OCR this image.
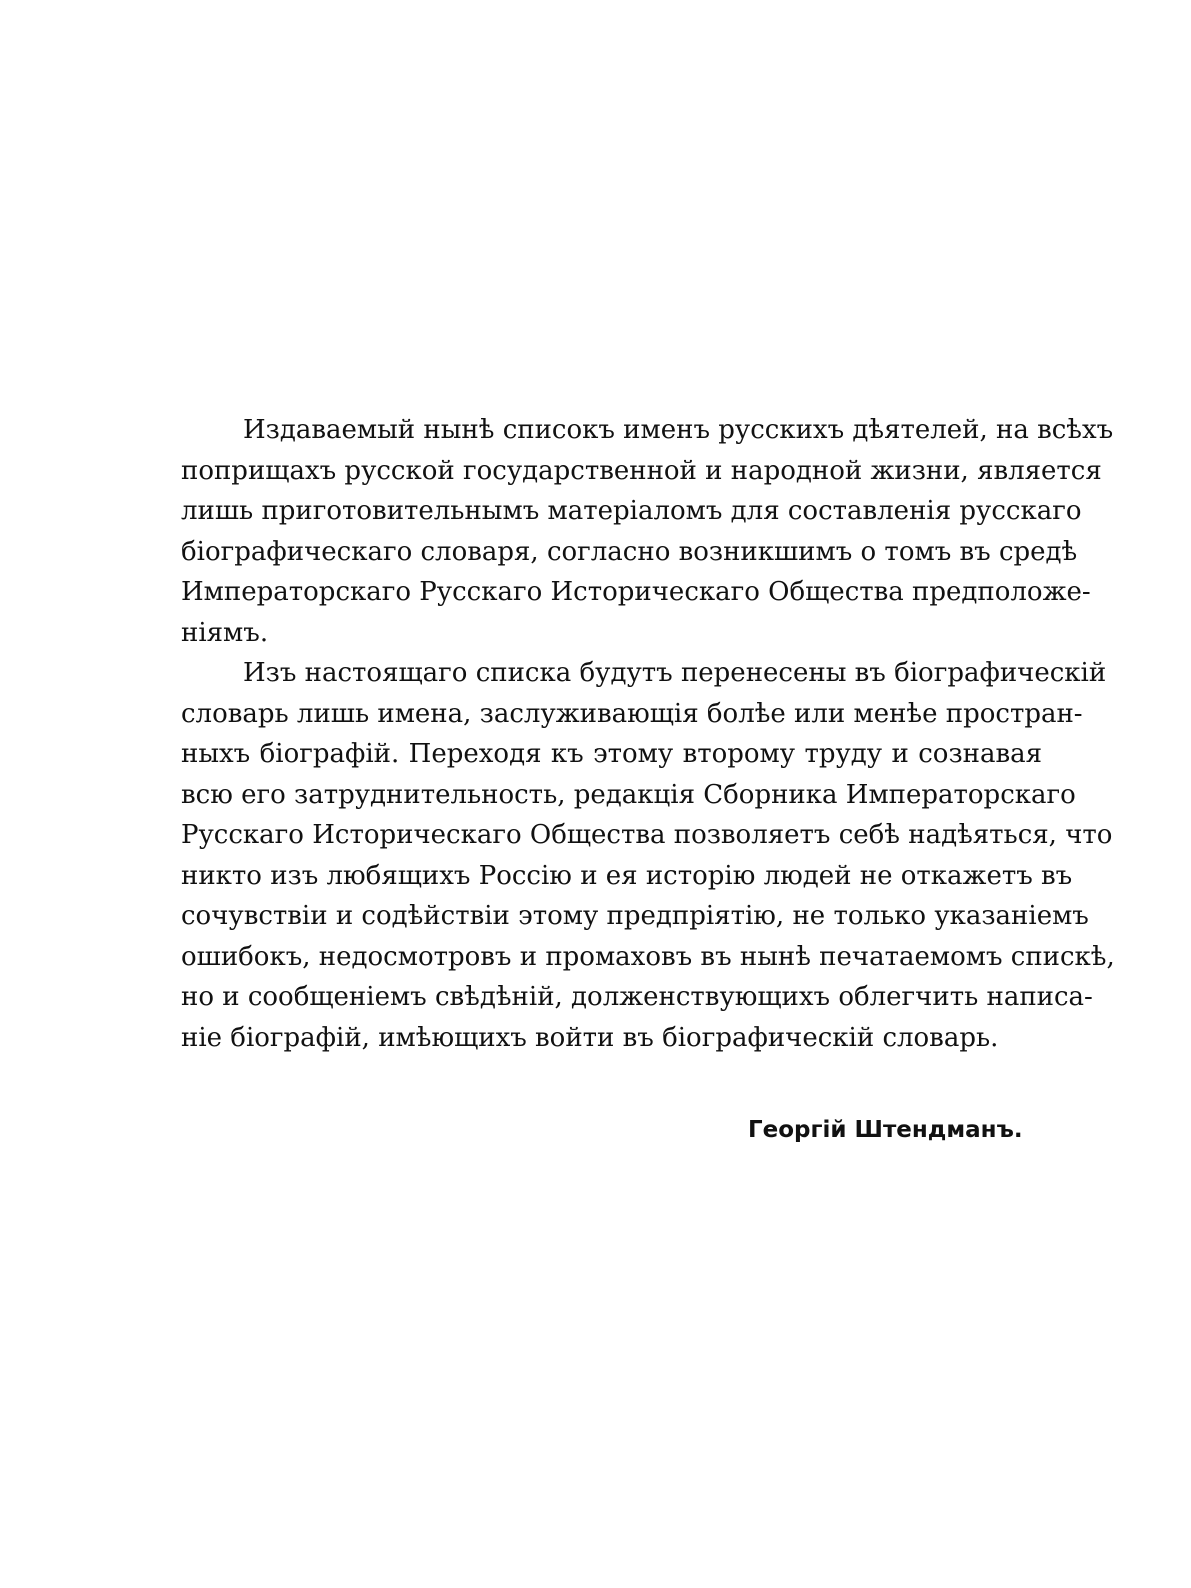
Издаваемый нынѣ списокъ именъ русскихъ дѣятелей, на всѣхъ
поприщахъ русской государственной и народной жизни, является
лишь приготовительнымъ матеріаломъ для составленія русскаго
біографическаго словаря, согласно возникшимъ о томъ въ средѣ
Императорскаго Русскаго Историческаго Общества предположе-
ніямъ.

Изъ настоящаго списка будутъ перенесены въ біографическій
словарь лишь имена, заслуживающія болѣе или менѣе простран-
ныхъ біографій. Переходя къ этому второму труду и сознавая
всю его затруднительность, редакція Сборника Императорскаго
Русскаго Историческаго Общества позволяетъ себѣ надѣяться, что
никто изъ любящихъ Россію и ея исторію людей не откажетъ въ
сочувствіи и содѣйствіи этому предпріятію, не только указаніемъ
ошибокъ, недосмотровъ и промаховъ въ нынѣ печатаемомъ спискѣ,
но и сообщеніемъ свѣдѣній, долженствующихъ облегчить написа-
ніе біографій, имѣющихъ войти въ біографическій словарь.

Георгій Штендманъ.
